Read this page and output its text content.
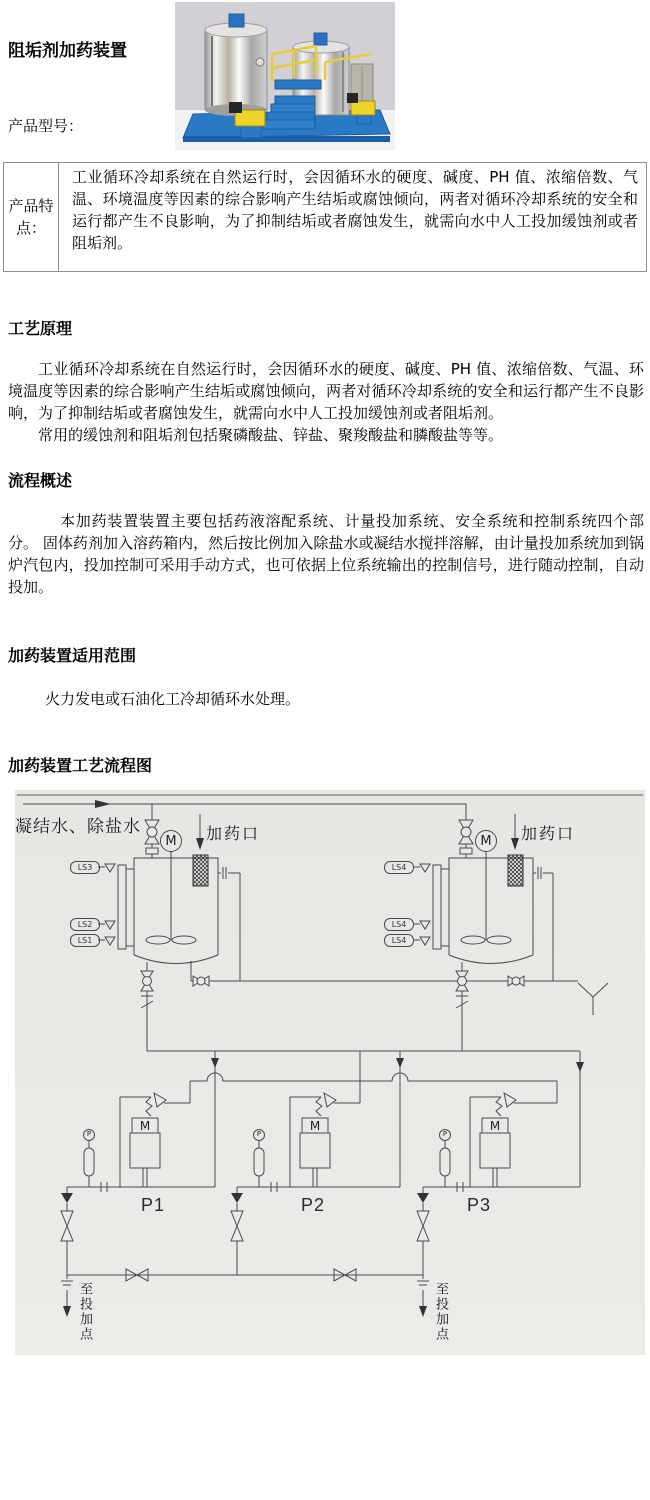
阻垢剂加药装置
产品型号：
产品特点：
工业循环冷却系统在自然运行时，会因循环水的硬度、碱度、PH 值、浓缩倍数、气温、环境温度等因素的综合影响产生结垢或腐蚀倾向，两者对循环冷却系统的安全和运行都产生不良影响，为了抑制结垢或者腐蚀发生，就需向水中人工投加缓蚀剂或者阻垢剂。
工艺原理

工业循环冷却系统在自然运行时，会因循环水的硬度、碱度、PH 值、浓缩倍数、气温、环境温度等因素的综合影响产生结垢或腐蚀倾向，两者对循环冷却系统的安全和运行都产生不良影响，为了抑制结垢或者腐蚀发生，就需向水中人工投加缓蚀剂或者阻垢剂。

常用的缓蚀剂和阻垢剂包括聚磷酸盐、锌盐、聚羧酸盐和膦酸盐等等。

流程概述

本加药装置装置主要包括药液溶配系统、计量投加系统、安全系统和控制系统四个部分。 固体药剂加入溶药箱内，然后按比例加入除盐水或凝结水搅拌溶解，由计量投加系统加到锅炉汽包内，投加控制可采用手动方式，也可依据上位系统输出的控制信号，进行随动控制，自动投加。

加药装置适用范围

火力发电或石油化工冷却循环水处理。

加药装置工艺流程图
凝结水、除盐水	加药口	加药口
M	M
LS3
LS2
LS1
LS4
LS4
LS4
M	M	M
P	P	P
P1	P2	P3
至投加点	至投加点
